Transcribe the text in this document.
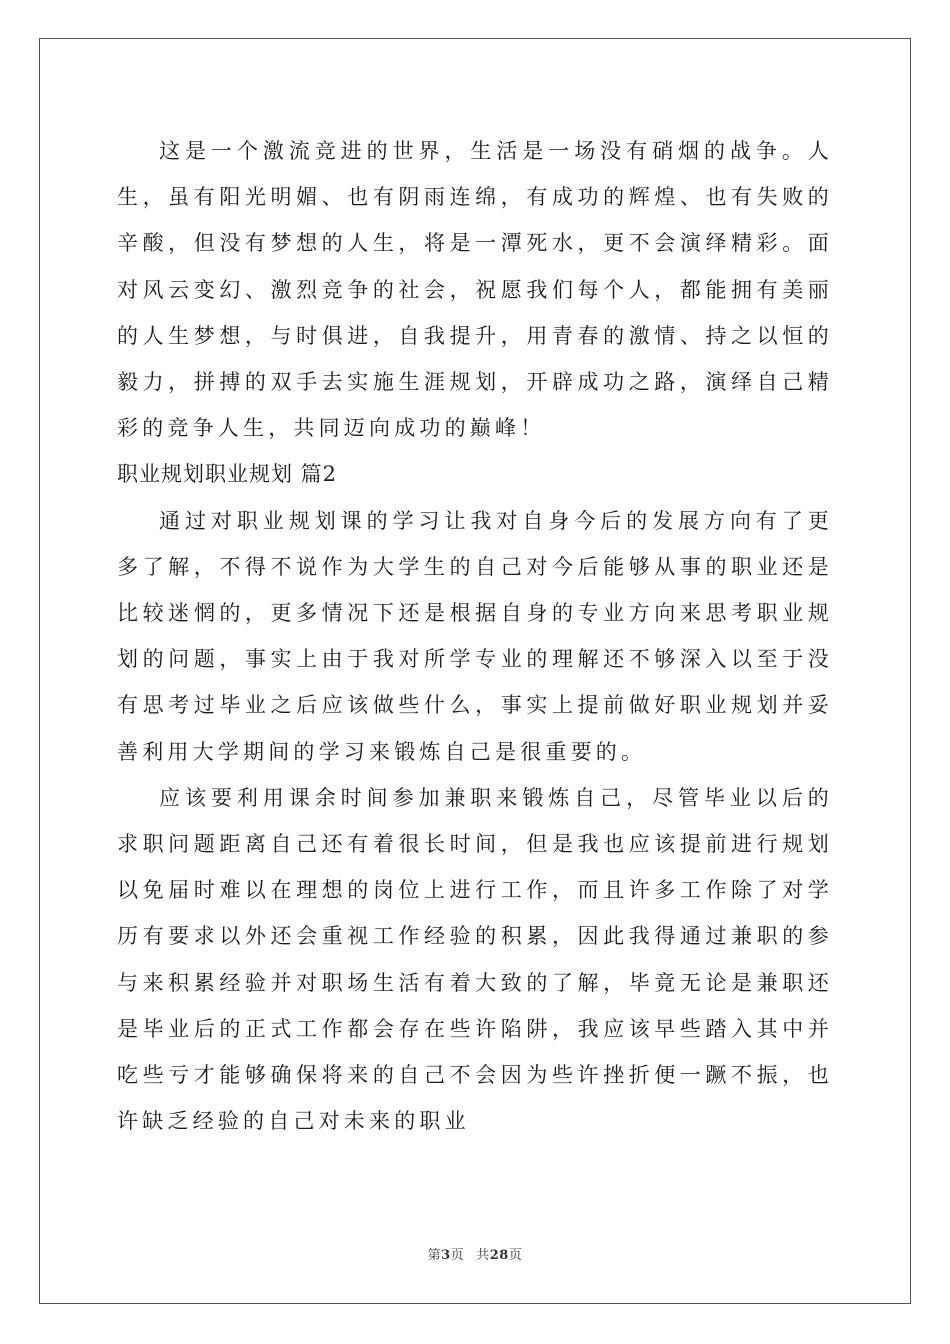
这是一个激流竞进的世界，生活是一场没有硝烟的战争。人生，虽有阳光明媚、也有阴雨连绵，有成功的辉煌、也有失败的辛酸，但没有梦想的人生，将是一潭死水，更不会演绎精彩。面对风云变幻、激烈竞争的社会，祝愿我们每个人，都能拥有美丽的人生梦想，与时俱进，自我提升，用青春的激情、持之以恒的毅力，拼搏的双手去实施生涯规划，开辟成功之路，演绎自己精彩的竞争人生，共同迈向成功的巅峰！

职业规划职业规划 篇2

通过对职业规划课的学习让我对自身今后的发展方向有了更多了解，不得不说作为大学生的自己对今后能够从事的职业还是比较迷惘的，更多情况下还是根据自身的专业方向来思考职业规划的问题，事实上由于我对所学专业的理解还不够深入以至于没有思考过毕业之后应该做些什么，事实上提前做好职业规划并妥善利用大学期间的学习来锻炼自己是很重要的。

应该要利用课余时间参加兼职来锻炼自己，尽管毕业以后的求职问题距离自己还有着很长时间，但是我也应该提前进行规划以免届时难以在理想的岗位上进行工作，而且许多工作除了对学历有要求以外还会重视工作经验的积累，因此我得通过兼职的参与来积累经验并对职场生活有着大致的了解，毕竟无论是兼职还是毕业后的正式工作都会存在些许陷阱，我应该早些踏入其中并吃些亏才能够确保将来的自己不会因为些许挫折便一蹶不振，也许缺乏经验的自己对未来的职业

第3页 共28页
